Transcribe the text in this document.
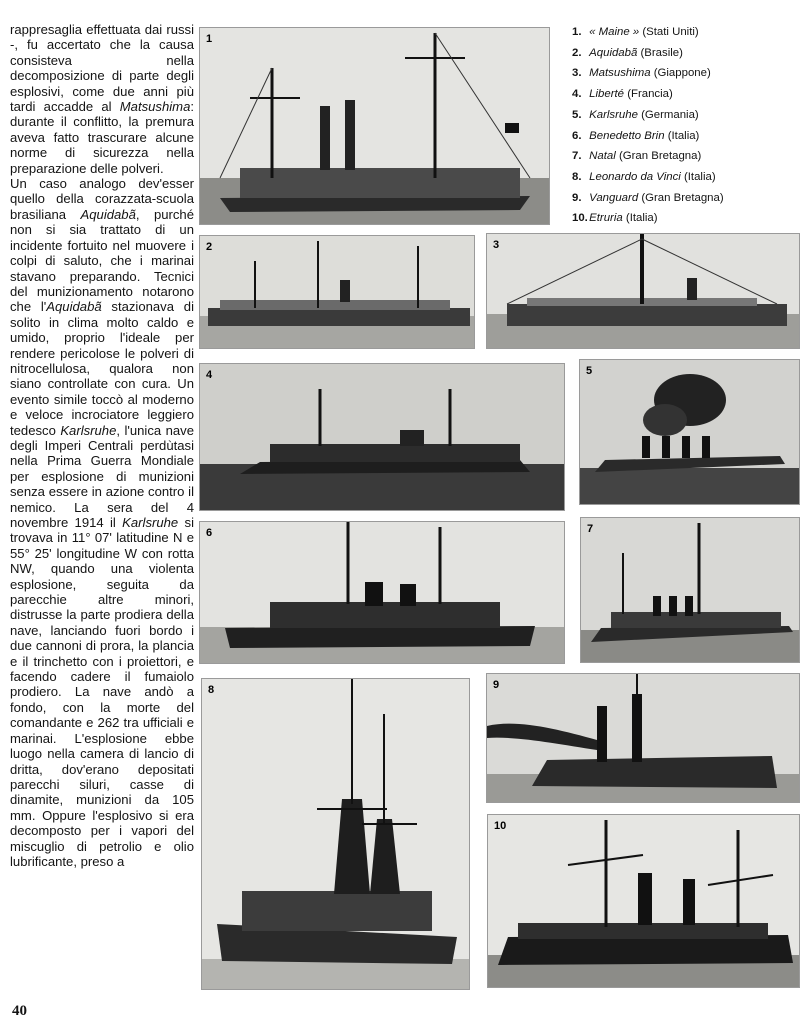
rappresaglia effettuata dai russi -, fu accertato che la causa consisteva nella decomposizione di parte degli esplosivi, come due anni più tardi accadde al Matsushima: durante il conflitto, la premura aveva fatto trascurare alcune norme di sicurezza nella preparazione delle polveri.

Un caso analogo dev'esser quello della corazzata-scuola brasiliana Aquidabã, purché non si sia trattato di un incidente fortuito nel muovere i colpi di saluto, che i marinai stavano preparando. Tecnici del munizionamento notarono che l'Aquidabã stazionava di solito in clima molto caldo e umido, proprio l'ideale per rendere pericolose le polveri di nitrocellulosa, qualora non siano controllate con cura. Un evento simile toccò al moderno e veloce incrociatore leggiero tedesco Karlsruhe, l'unica nave degli Imperi Centrali perdùtasi nella Prima Guerra Mondiale per esplosione di munizioni senza essere in azione contro il nemico. La sera del 4 novembre 1914 il Karlsruhe si trovava in 11° 07' latitudine N e 55° 25' longitudine W con rotta NW, quando una violenta esplosione, seguita da parecchie altre minori, distrusse la parte prodiera della nave, lanciando fuori bordo i due cannoni di prora, la plancia e il trinchetto con i proiettori, e facendo cadere il fumaiolo prodiero. La nave andò a fondo, con la morte del comandante e 262 tra ufficiali e marinai. L'esplosione ebbe luogo nella camera di lancio di dritta, dov'erano depositati parecchi siluri, casse di dinamite, munizioni da 105 mm. Oppure l'esplosivo si era decomposto per i vapori del miscuglio di petrolio e olio lubrificante, preso a

40
1. « Maine » (Stati Uniti)
2. Aquidabã (Brasile)
3. Matsushima (Giappone)
4. Liberté (Francia)
5. Karlsruhe (Germania)
6. Benedetto Brin (Italia)
7. Natal (Gran Bretagna)
8. Leonardo da Vinci (Italia)
9. Vanguard (Gran Bretagna)
10. Etruria (Italia)
1
2	3
4	5
6	7
8	9
10
